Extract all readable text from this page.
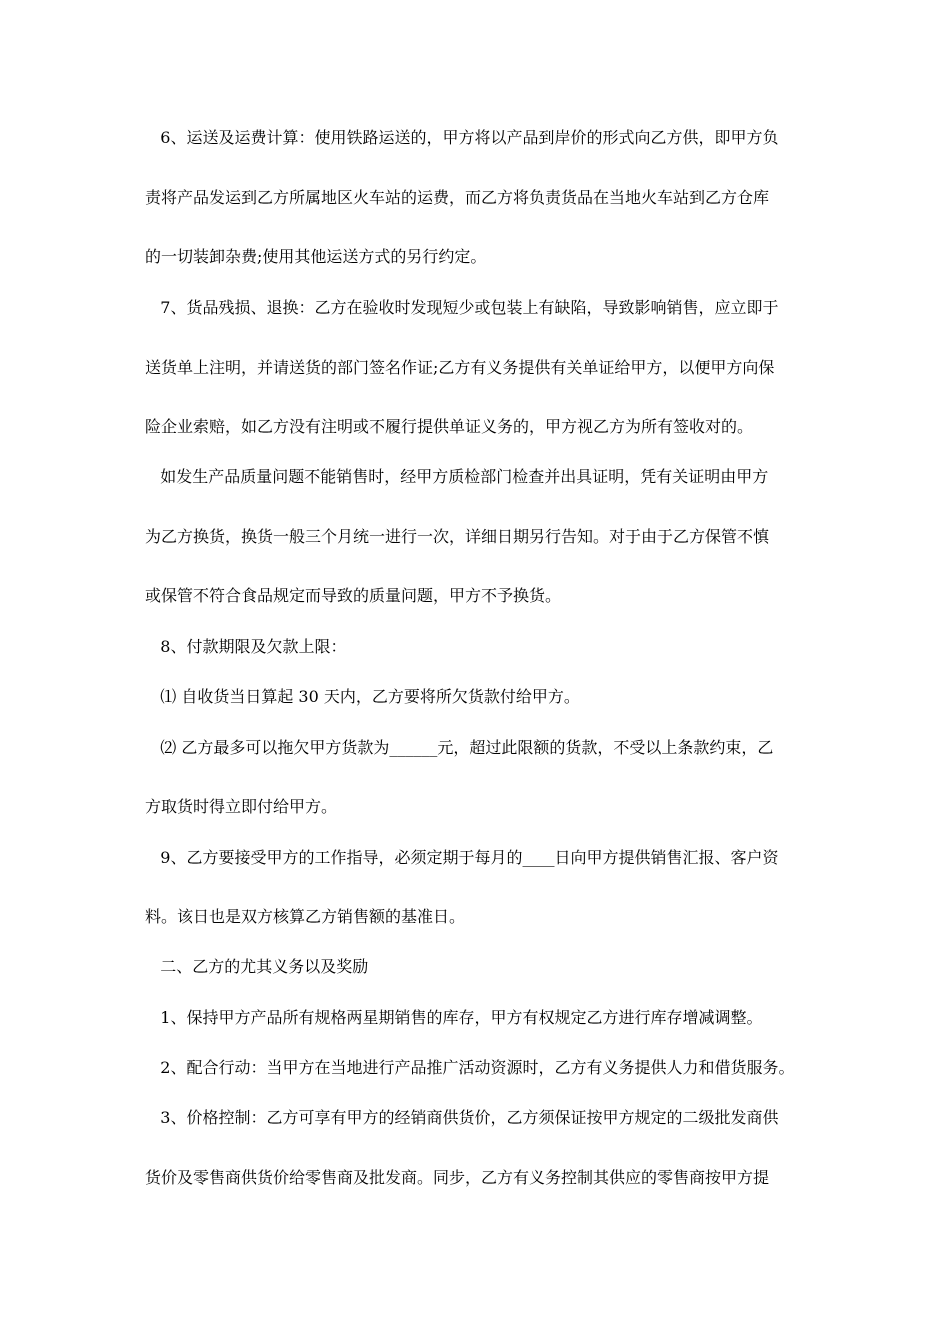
6、运送及运费计算：使用铁路运送的，甲方将以产品到岸价的形式向乙方供，即甲方负
责将产品发运到乙方所属地区火车站的运费，而乙方将负责货品在当地火车站到乙方仓库
的一切装卸杂费;使用其他运送方式的另行约定。
7、货品残损、退换：乙方在验收时发现短少或包装上有缺陷，导致影响销售，应立即于
送货单上注明，并请送货的部门签名作证;乙方有义务提供有关单证给甲方，以便甲方向保
险企业索赔，如乙方没有注明或不履行提供单证义务的，甲方视乙方为所有签收对的。
如发生产品质量问题不能销售时，经甲方质检部门检查并出具证明，凭有关证明由甲方
为乙方换货，换货一般三个月统一进行一次，详细日期另行告知。对于由于乙方保管不慎
或保管不符合食品规定而导致的质量问题，甲方不予换货。
8、付款期限及欠款上限：
⑴ 自收货当日算起 30 天内，乙方要将所欠货款付给甲方。
⑵ 乙方最多可以拖欠甲方货款为______元，超过此限额的货款，不受以上条款约束，乙
方取货时得立即付给甲方。
9、乙方要接受甲方的工作指导，必须定期于每月的____日向甲方提供销售汇报、客户资
料。该日也是双方核算乙方销售额的基准日。
二、乙方的尤其义务以及奖励
1、保持甲方产品所有规格两星期销售的库存，甲方有权规定乙方进行库存增减调整。
2、配合行动：当甲方在当地进行产品推广活动资源时，乙方有义务提供人力和借货服务。
3、价格控制：乙方可享有甲方的经销商供货价，乙方须保证按甲方规定的二级批发商供
货价及零售商供货价给零售商及批发商。同步，乙方有义务控制其供应的零售商按甲方提
